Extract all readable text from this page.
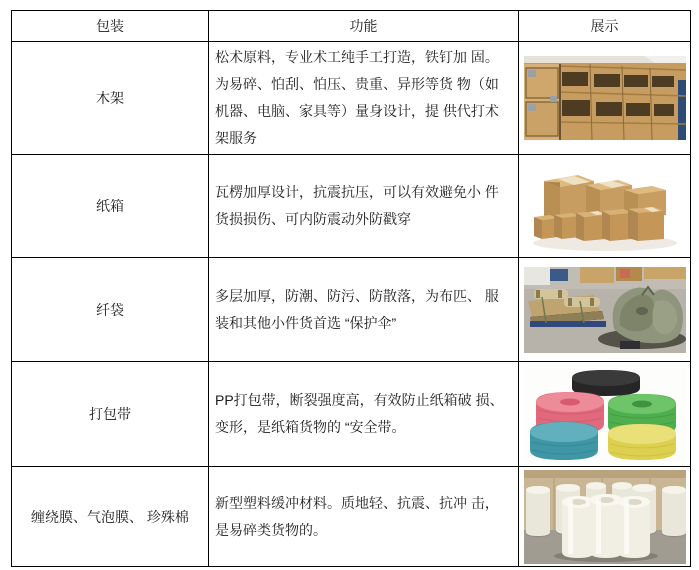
包装	功能	展示
木架	松术原料，专业术工纯手工打造，铁钉加 固。为易碎、怕刮、怕压、贵重、异形等货 物（如机器、电脑、家具等）量身设计，提 供代打术架服务	

纸箱	瓦楞加厚设计，抗震抗压，可以有效避免小 件货损损伤、可内防震动外防戳穿	

纤袋	多层加厚，防潮、防污、防散落，为布匹、 服装和其他小件货首选 “保护伞”	

打包带	PP打包带，断裂强度高，有效防止纸箱破 损、变形，是纸箱货物的 “安全带。	

缠绕膜、气泡膜、 珍殊棉	新型塑料缓冲材料。质地轻、抗震、抗冲 击，是易碎类货物的。	
